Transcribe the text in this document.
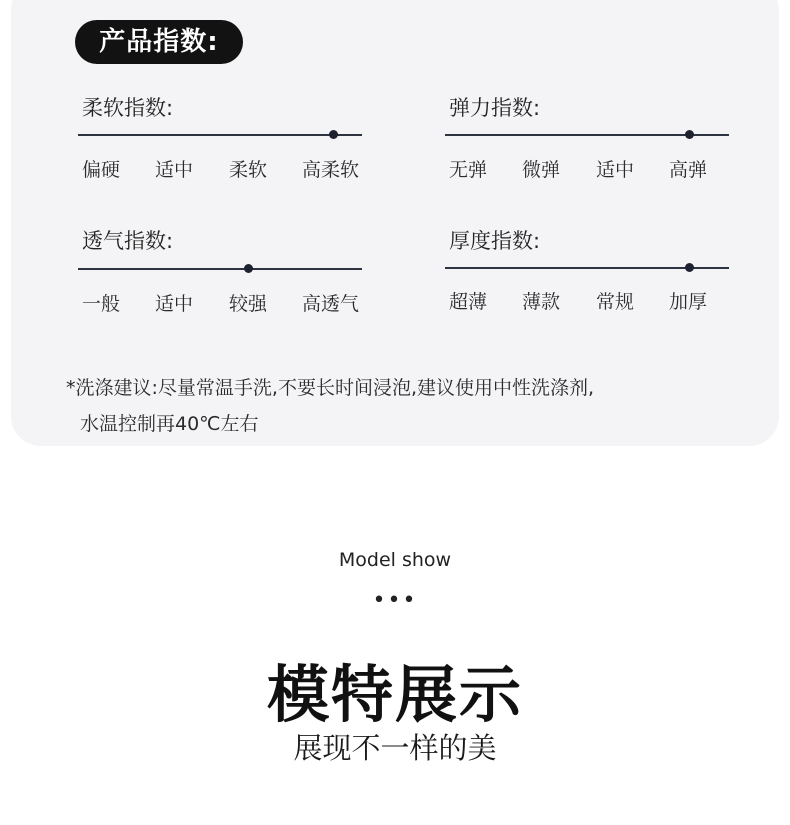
产品指数:
柔软指数:
偏硬 适中 柔软 高柔软
弹力指数:
无弹 微弹 适中 高弹
透气指数:
一般 适中 较强 高透气
厚度指数:
超薄 薄款 常规 加厚
*洗涤建议:尽量常温手洗,不要长时间浸泡,建议使用中性洗涤剂,
水温控制再40℃左右
Model show
•••
模特展示
展现不一样的美
